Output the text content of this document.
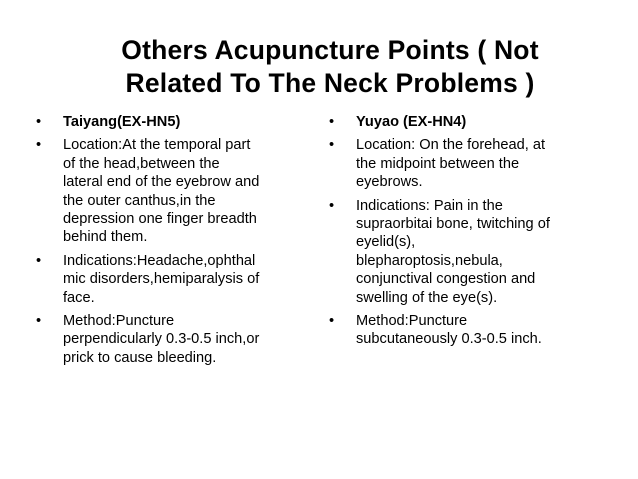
Others Acupuncture Points ( Not
Related To The Neck Problems )
• Taiyang(EX-HN5)
• Location:At the temporal part
of the head,between the
lateral end of the eyebrow and
the outer canthus,in the
depression one finger breadth
behind them.
• Indications:Headache,ophthal
mic disorders,hemiparalysis of
face.
• Method:Puncture
perpendicularly 0.3-0.5 inch,or
prick to cause bleeding.
• Yuyao (EX-HN4)
• Location: On the forehead, at
the midpoint between the
eyebrows.
• Indications: Pain in the
supraorbitai bone, twitching of
eyelid(s),
blepharoptosis,nebula,
conjunctival congestion and
swelling of the eye(s).
• Method:Puncture
subcutaneously 0.3-0.5 inch.
